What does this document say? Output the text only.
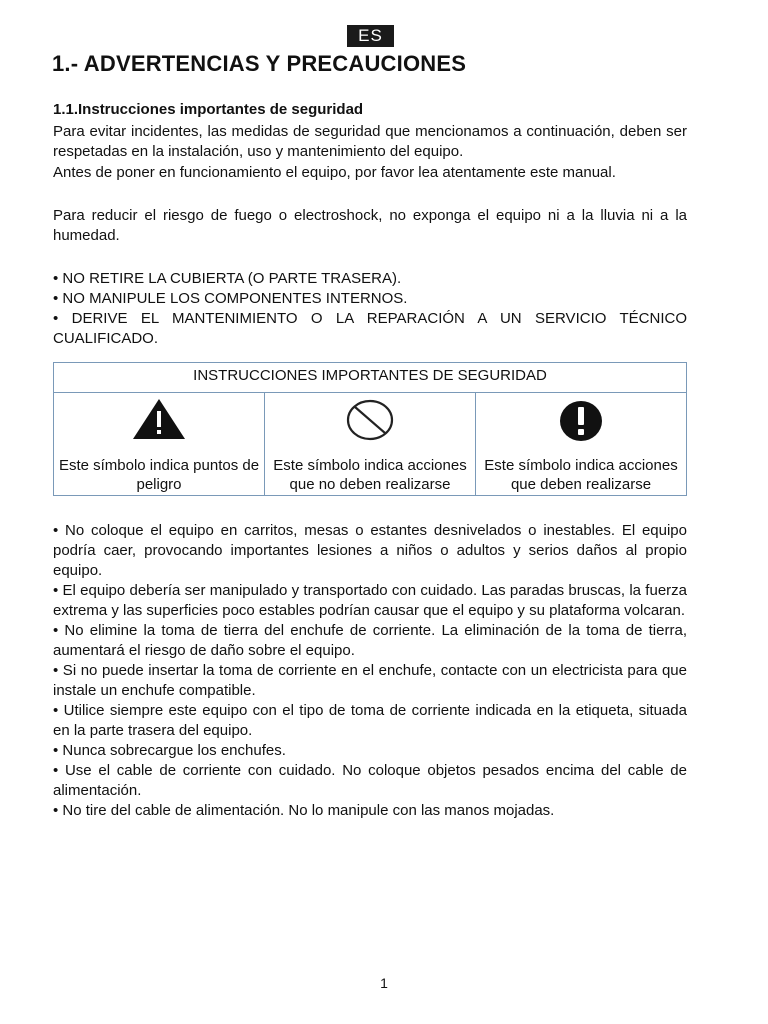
ES
1.- ADVERTENCIAS Y PRECAUCIONES
1.1.Instrucciones importantes de seguridad

Para evitar incidentes, las medidas de seguridad que mencionamos a continuación, deben ser respetadas en la instalación, uso y mantenimiento del equipo.

Antes de poner en funcionamiento el equipo, por favor lea atentamente este manual.

Para reducir el riesgo de fuego o electroshock, no exponga el equipo ni a la lluvia ni a la humedad.

• NO RETIRE LA CUBIERTA (O PARTE TRASERA).

• NO MANIPULE LOS COMPONENTES INTERNOS.

• DERIVE EL MANTENIMIENTO O LA REPARACIÓN A UN SERVICIO TÉCNICO CUALIFICADO.

INSTRUCCIONES IMPORTANTES DE SEGURIDAD
Este símbolo indica puntos de peligro
Este símbolo indica acciones que no deben realizarse
Este símbolo indica acciones que deben realizarse

• No coloque el equipo en carritos, mesas o estantes desnivelados o inestables. El equipo podría caer, provocando importantes lesiones a niños o adultos y serios daños al propio equipo.

• El equipo debería ser manipulado y transportado con cuidado. Las paradas bruscas, la fuerza extrema y las superficies poco estables podrían causar que el equipo y su plataforma volcaran.

• No elimine la toma de tierra del enchufe de corriente. La eliminación de la toma de tierra, aumentará el riesgo de daño sobre el equipo.

• Si no puede insertar la toma de corriente en el enchufe, contacte con un electricista para que instale un enchufe compatible.

• Utilice siempre este equipo con el tipo de toma de corriente indicada en la etiqueta, situada en la parte trasera del equipo.

• Nunca sobrecargue los enchufes.

• Use el cable de corriente con cuidado. No coloque objetos pesados encima del cable de alimentación.

• No tire del cable de alimentación. No lo manipule con las manos mojadas.

1
